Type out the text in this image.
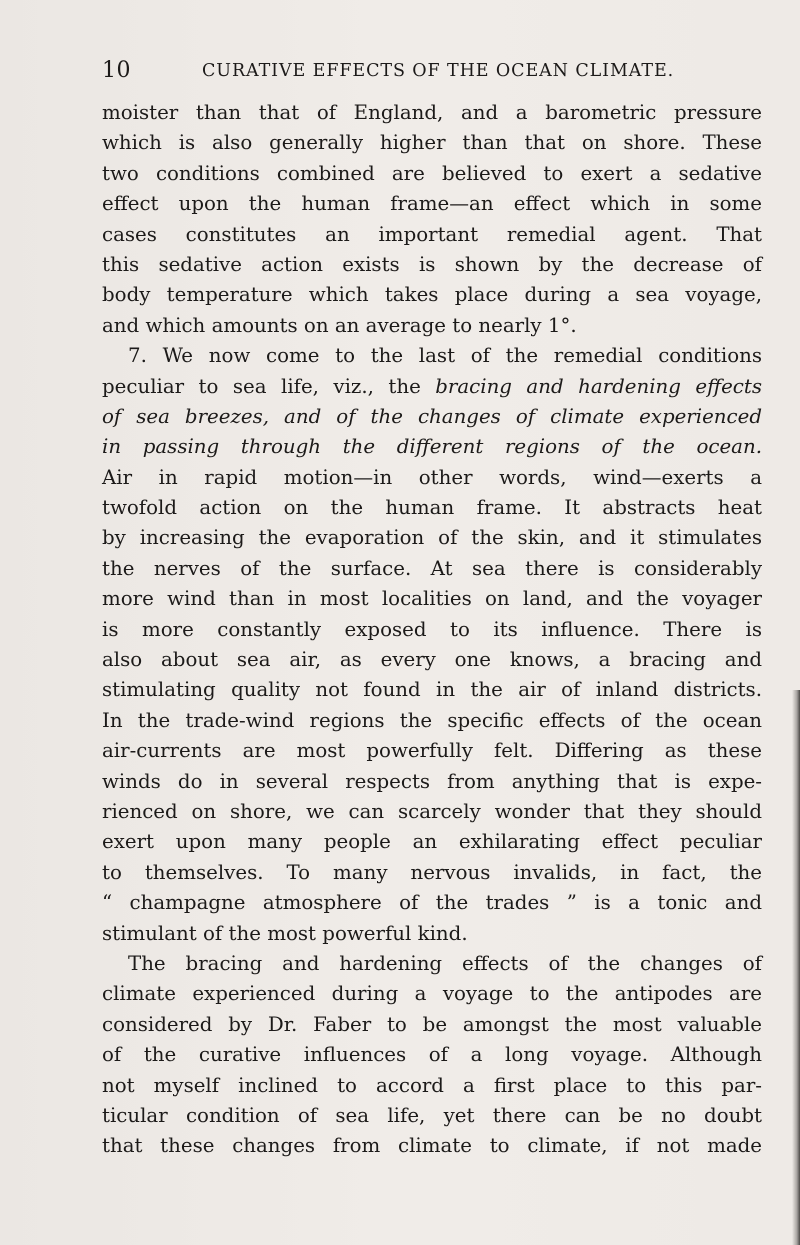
10	CURATIVE EFFECTS OF THE OCEAN CLIMATE.
moister than that of England, and a barometric pressure
which is also generally higher than that on shore. These
two conditions combined are believed to exert a sedative
effect upon the human frame—an effect which in some
cases constitutes an important remedial agent. That
this sedative action exists is shown by the decrease of
body temperature which takes place during a sea voyage,
and which amounts on an average to nearly 1°.
7. We now come to the last of the remedial conditions
peculiar to sea life, viz., the bracing and hardening effects
of sea breezes, and of the changes of climate experienced
in passing through the different regions of the ocean.
Air in rapid motion—in other words, wind—exerts a
twofold action on the human frame. It abstracts heat
by increasing the evaporation of the skin, and it stimulates
the nerves of the surface. At sea there is considerably
more wind than in most localities on land, and the voyager
is more constantly exposed to its influence. There is
also about sea air, as every one knows, a bracing and
stimulating quality not found in the air of inland districts.
In the trade-wind regions the specific effects of the ocean
air-currents are most powerfully felt. Differing as these
winds do in several respects from anything that is expe-
rienced on shore, we can scarcely wonder that they should
exert upon many people an exhilarating effect peculiar
to themselves. To many nervous invalids, in fact, the
“ champagne atmosphere of the trades ” is a tonic and
stimulant of the most powerful kind.
The bracing and hardening effects of the changes of
climate experienced during a voyage to the antipodes are
considered by Dr. Faber to be amongst the most valuable
of the curative influences of a long voyage. Although
not myself inclined to accord a first place to this par-
ticular condition of sea life, yet there can be no doubt
that these changes from climate to climate, if not made
